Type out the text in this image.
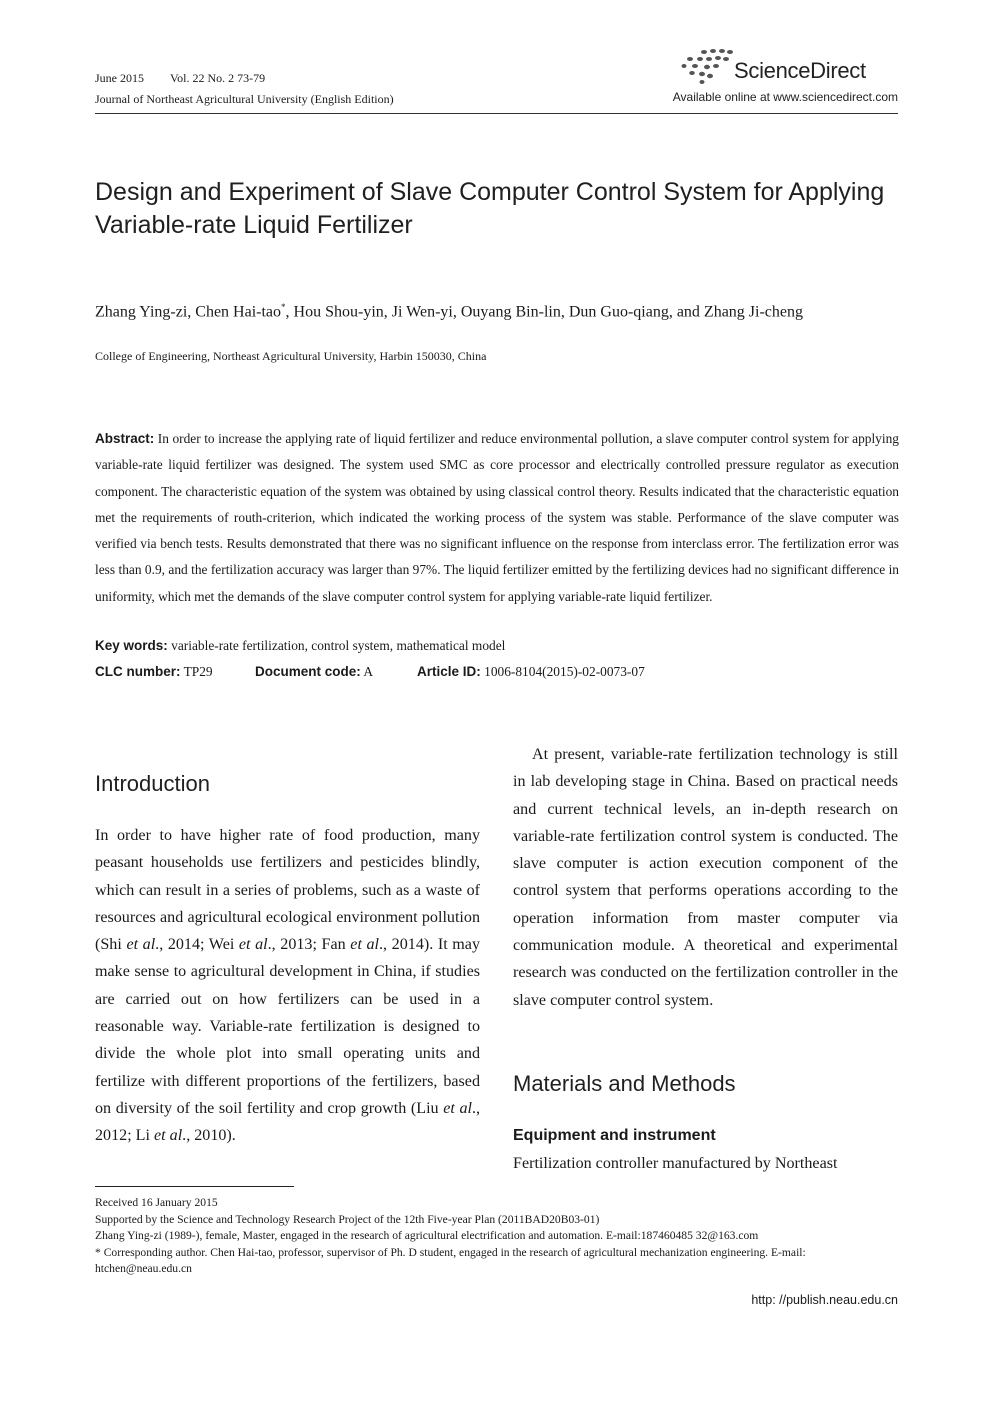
June 2015 Vol. 22 No. 2 73-79
Journal of Northeast Agricultural University (English Edition)
ScienceDirect
Available online at www.sciencedirect.com
Design and Experiment of Slave Computer Control System for Applying Variable-rate Liquid Fertilizer
Zhang Ying-zi, Chen Hai-tao*, Hou Shou-yin, Ji Wen-yi, Ouyang Bin-lin, Dun Guo-qiang, and Zhang Ji-cheng
College of Engineering, Northeast Agricultural University, Harbin 150030, China

Abstract: In order to increase the applying rate of liquid fertilizer and reduce environmental pollution, a slave computer control system for applying variable-rate liquid fertilizer was designed. The system used SMC as core processor and electrically controlled pressure regulator as execution component. The characteristic equation of the system was obtained by using classical control theory. Results indicated that the characteristic equation met the requirements of routh-criterion, which indicated the working process of the system was stable. Performance of the slave computer was verified via bench tests. Results demonstrated that there was no significant influence on the response from interclass error. The fertilization error was less than 0.9, and the fertilization accuracy was larger than 97%. The liquid fertilizer emitted by the fertilizing devices had no significant difference in uniformity, which met the demands of the slave computer control system for applying variable-rate liquid fertilizer.

Key words: variable-rate fertilization, control system, mathematical model
CLC number: TP29	Document code: A	Article ID: 1006-8104(2015)-02-0073-07
Introduction

In order to have higher rate of food production, many peasant households use fertilizers and pesticides blindly, which can result in a series of problems, such as a waste of resources and agricultural ecological environment pollution (Shi et al., 2014; Wei et al., 2013; Fan et al., 2014). It may make sense to agricultural development in China, if studies are carried out on how fertilizers can be used in a reasonable way. Variable-rate fertilization is designed to divide the whole plot into small operating units and fertilize with different proportions of the fertilizers, based on diversity of the soil fertility and crop growth (Liu et al., 2012; Li et al., 2010).

At present, variable-rate fertilization technology is still in lab developing stage in China. Based on practical needs and current technical levels, an in-depth research on variable-rate fertilization control system is conducted. The slave computer is action execution component of the control system that performs operations according to the operation information from master computer via communication module. A theoretical and experimental research was conducted on the fertilization controller in the slave computer control system.

Materials and Methods
Equipment and instrument

Fertilization controller manufactured by Northeast

Received 16 January 2015
Supported by the Science and Technology Research Project of the 12th Five-year Plan (2011BAD20B03-01)
Zhang Ying-zi (1989-), female, Master, engaged in the research of agricultural electrification and automation. E-mail:187460485 32@163.com
* Corresponding author. Chen Hai-tao, professor, supervisor of Ph. D student, engaged in the research of agricultural mechanization engineering. E-mail: htchen@neau.edu.cn
http: //publish.neau.edu.cn
